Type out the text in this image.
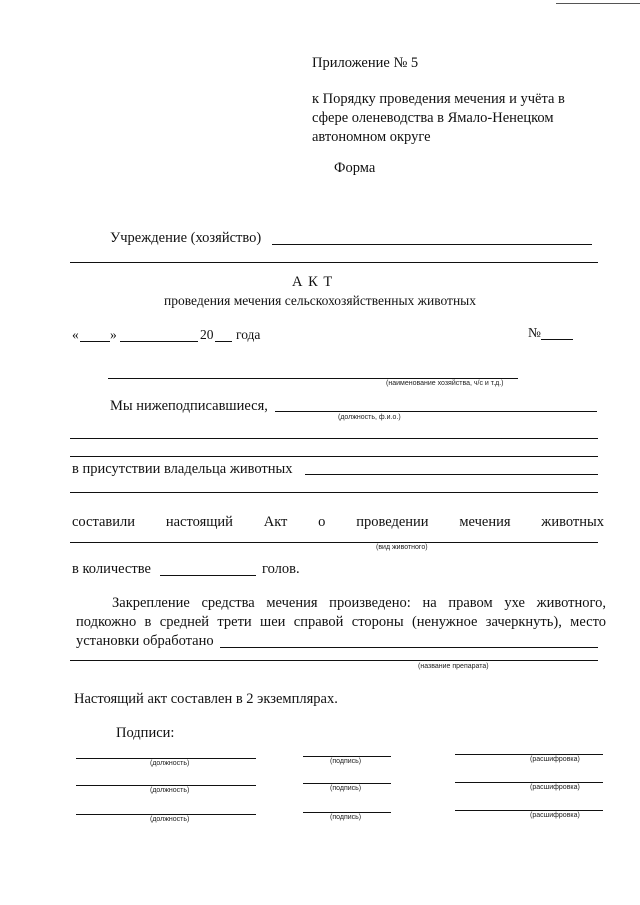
Приложение № 5
к Порядку проведения мечения и учёта в
сфере оленеводства в Ямало-Ненецком
автономном округе
Форма
Учреждение (хозяйство)
А К Т
проведения мечения сельскохозяйственных животных
« »	20 года	№
(наименование хозяйства, ч/с и т.д.)
Мы нижеподписавшиеся,
(должность, ф.и.о.)
в присутствии владельца животных
составили настоящий Акт о проведении мечения животных
(вид животного)
в количестве	голов.
Закрепление средства мечения произведено: на правом ухе животного,
подкожно в средней трети шеи справой стороны (ненужное зачеркнуть), место
установки обработано
(название препарата)
Настоящий акт составлен в 2 экземплярах.
Подписи:
(должность)	(подпись)	(расшифровка)
(должность)	(подпись)	(расшифровка)
(должность)	(подпись)	(расшифровка)
